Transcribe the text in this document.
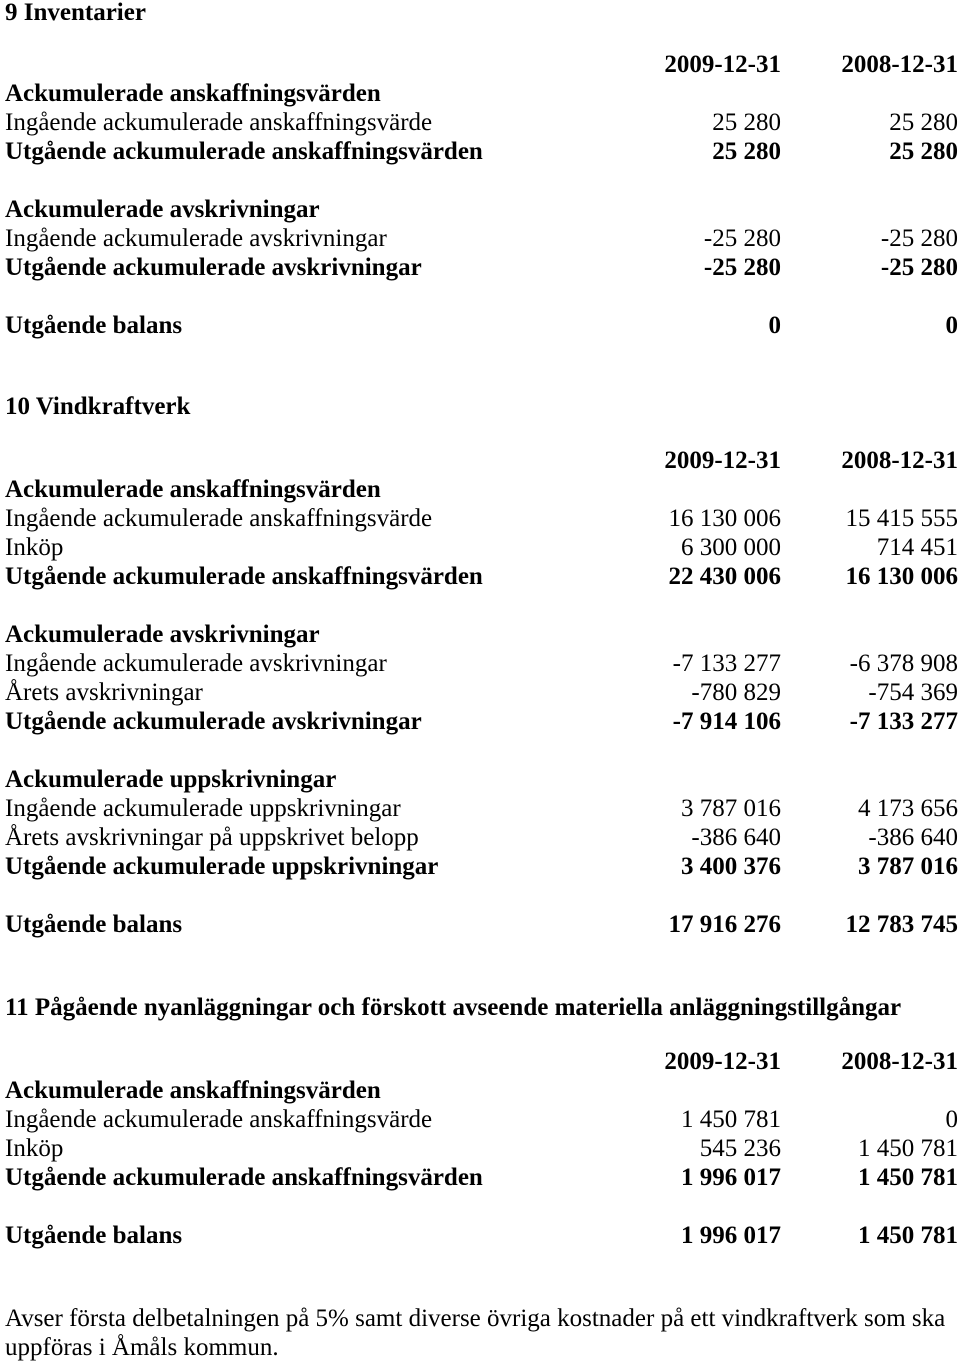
9 Inventarier
2009-12-31	2008-12-31
Ackumulerade anskaffningsvärden
Ingående ackumulerade anskaffningsvärde	25 280	25 280
Utgående ackumulerade anskaffningsvärden	25 280	25 280
Ackumulerade avskrivningar
Ingående ackumulerade avskrivningar	-25 280	-25 280
Utgående ackumulerade avskrivningar	-25 280	-25 280
Utgående balans	0	0
10 Vindkraftverk
2009-12-31	2008-12-31
Ackumulerade anskaffningsvärden
Ingående ackumulerade anskaffningsvärde	16 130 006	15 415 555
Inköp	6 300 000	714 451
Utgående ackumulerade anskaffningsvärden	22 430 006	16 130 006
Ackumulerade avskrivningar
Ingående ackumulerade avskrivningar	-7 133 277	-6 378 908
Årets avskrivningar	-780 829	-754 369
Utgående ackumulerade avskrivningar	-7 914 106	-7 133 277
Ackumulerade uppskrivningar
Ingående ackumulerade uppskrivningar	3 787 016	4 173 656
Årets avskrivningar på uppskrivet belopp	-386 640	-386 640
Utgående ackumulerade uppskrivningar	3 400 376	3 787 016
Utgående balans	17 916 276	12 783 745
11 Pågående nyanläggningar och förskott avseende materiella anläggningstillgångar
2009-12-31	2008-12-31
Ackumulerade anskaffningsvärden
Ingående ackumulerade anskaffningsvärde	1 450 781	0
Inköp	545 236	1 450 781
Utgående ackumulerade anskaffningsvärden	1 996 017	1 450 781
Utgående balans	1 996 017	1 450 781
Avser första delbetalningen på 5% samt diverse övriga kostnader på ett vindkraftverk som ska uppföras i Åmåls kommun.
